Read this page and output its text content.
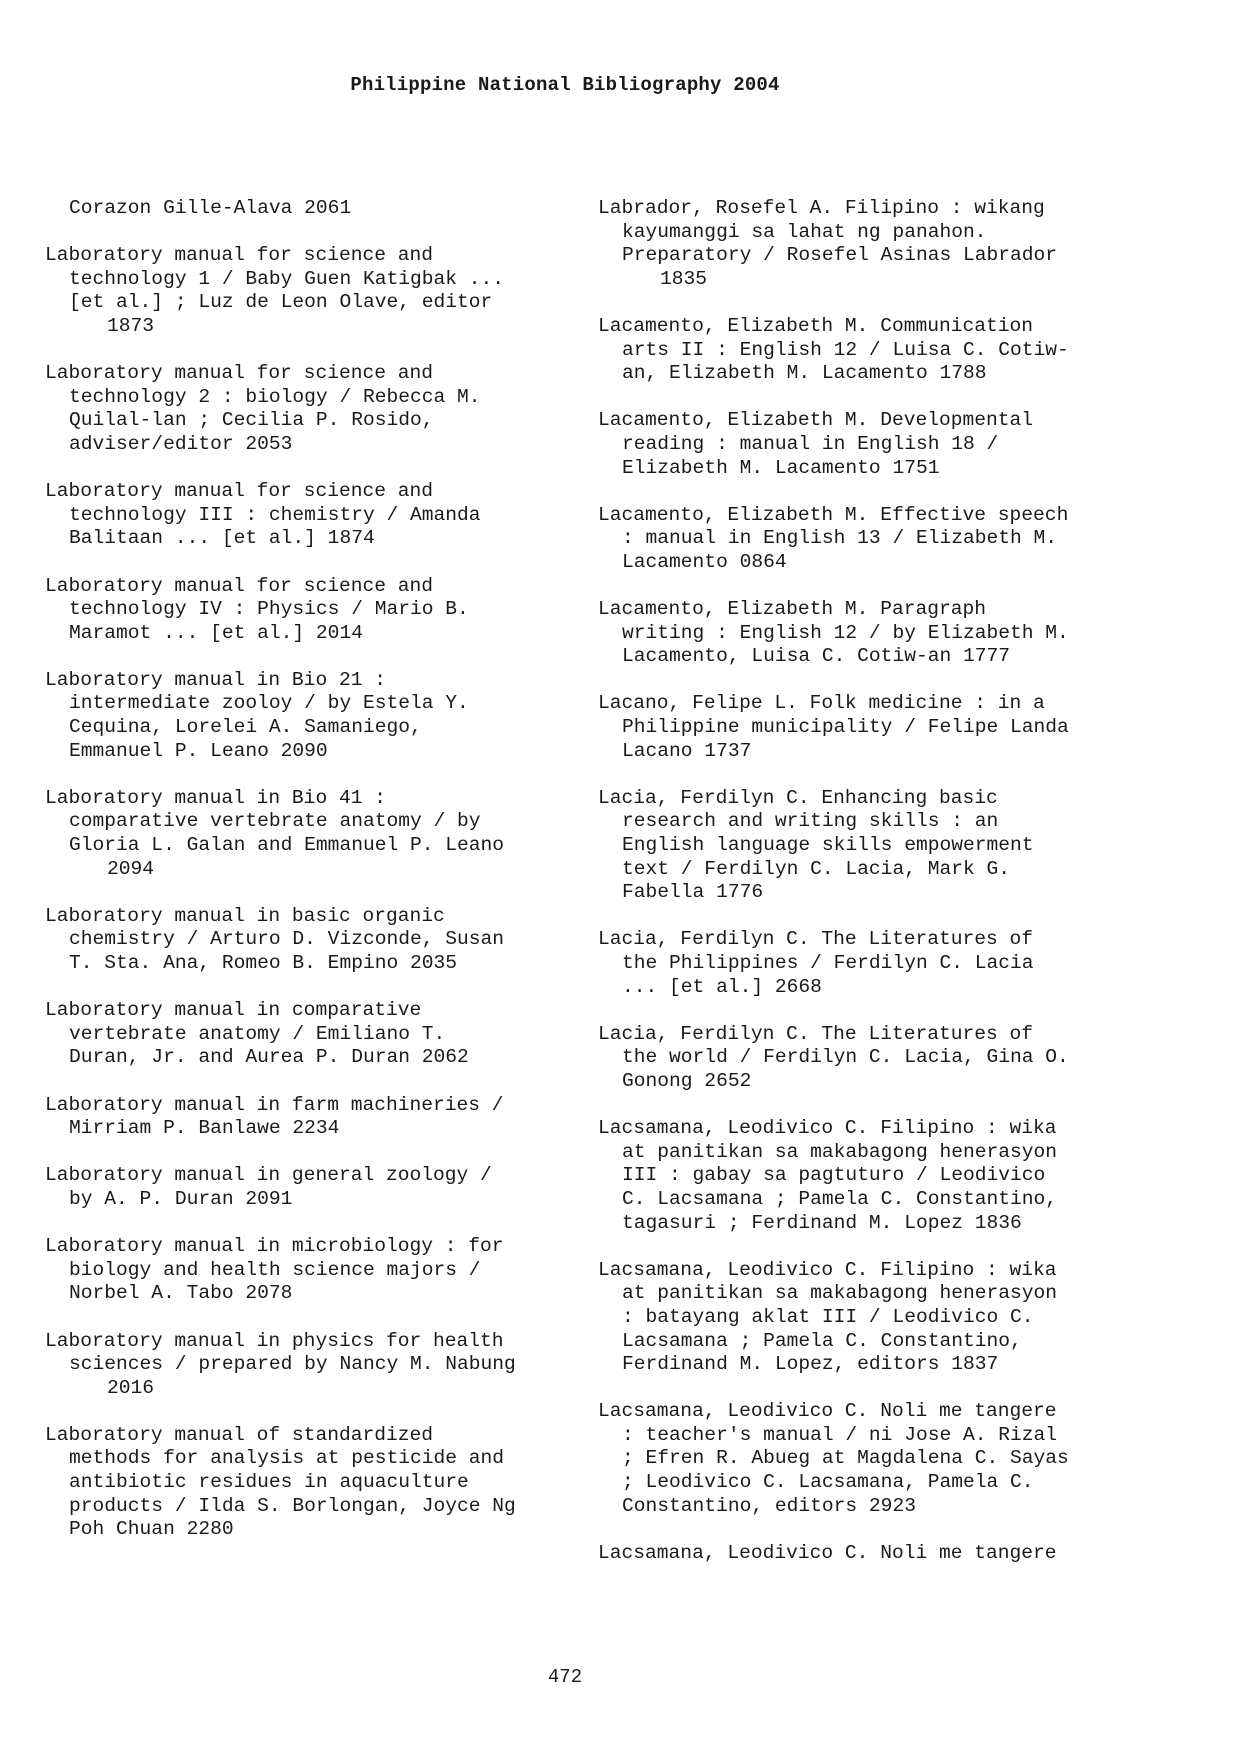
Philippine National Bibliography 2004
Corazon Gille-Alava 2061
Laboratory manual for science and
technology 1 / Baby Guen Katigbak ...
[et al.] ; Luz de Leon Olave, editor
1873
Laboratory manual for science and
technology 2 : biology / Rebecca M.
Quilal-lan ; Cecilia P. Rosido,
adviser/editor 2053
Laboratory manual for science and
technology III : chemistry / Amanda
Balitaan ... [et al.] 1874
Laboratory manual for science and
technology IV : Physics / Mario B.
Maramot ... [et al.] 2014
Laboratory manual in Bio 21 :
intermediate zooloy / by Estela Y.
Cequina, Lorelei A. Samaniego,
Emmanuel P. Leano 2090
Laboratory manual in Bio 41 :
comparative vertebrate anatomy / by
Gloria L. Galan and Emmanuel P. Leano
2094
Laboratory manual in basic organic
chemistry / Arturo D. Vizconde, Susan
T. Sta. Ana, Romeo B. Empino 2035
Laboratory manual in comparative
vertebrate anatomy / Emiliano T.
Duran, Jr. and Aurea P. Duran 2062
Laboratory manual in farm machineries /
Mirriam P. Banlawe 2234
Laboratory manual in general zoology /
by A. P. Duran 2091
Laboratory manual in microbiology : for
biology and health science majors /
Norbel A. Tabo 2078
Laboratory manual in physics for health
sciences / prepared by Nancy M. Nabung
2016
Laboratory manual of standardized
methods for analysis at pesticide and
antibiotic residues in aquaculture
products / Ilda S. Borlongan, Joyce Ng
Poh Chuan 2280
Labrador, Rosefel A. Filipino : wikang
kayumanggi sa lahat ng panahon.
Preparatory / Rosefel Asinas Labrador
1835
Lacamento, Elizabeth M. Communication
arts II : English 12 / Luisa C. Cotiw-
an, Elizabeth M. Lacamento 1788
Lacamento, Elizabeth M. Developmental
reading : manual in English 18 /
Elizabeth M. Lacamento 1751
Lacamento, Elizabeth M. Effective speech
: manual in English 13 / Elizabeth M.
Lacamento 0864
Lacamento, Elizabeth M. Paragraph
writing : English 12 / by Elizabeth M.
Lacamento, Luisa C. Cotiw-an 1777
Lacano, Felipe L. Folk medicine : in a
Philippine municipality / Felipe Landa
Lacano 1737
Lacia, Ferdilyn C. Enhancing basic
research and writing skills : an
English language skills empowerment
text / Ferdilyn C. Lacia, Mark G.
Fabella 1776
Lacia, Ferdilyn C. The Literatures of
the Philippines / Ferdilyn C. Lacia
... [et al.] 2668
Lacia, Ferdilyn C. The Literatures of
the world / Ferdilyn C. Lacia, Gina O.
Gonong 2652
Lacsamana, Leodivico C. Filipino : wika
at panitikan sa makabagong henerasyon
III : gabay sa pagtuturo / Leodivico
C. Lacsamana ; Pamela C. Constantino,
tagasuri ; Ferdinand M. Lopez 1836
Lacsamana, Leodivico C. Filipino : wika
at panitikan sa makabagong henerasyon
: batayang aklat III / Leodivico C.
Lacsamana ; Pamela C. Constantino,
Ferdinand M. Lopez, editors 1837
Lacsamana, Leodivico C. Noli me tangere
: teacher's manual / ni Jose A. Rizal
; Efren R. Abueg at Magdalena C. Sayas
; Leodivico C. Lacsamana, Pamela C.
Constantino, editors 2923
Lacsamana, Leodivico C. Noli me tangere
472
